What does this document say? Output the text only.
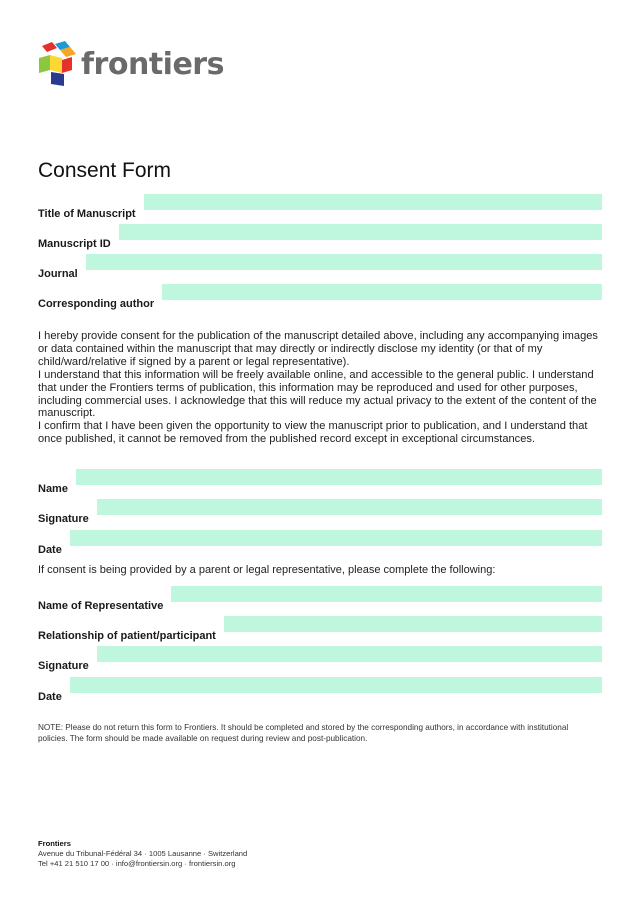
frontiers
Consent Form
Title of Manuscript
Manuscript ID
Journal
Corresponding author

I hereby provide consent for the publication of the manuscript detailed above, including any accompanying images or data contained within the manuscript that may directly or indirectly disclose my identity (or that of my child/ward/relative if signed by a parent or legal representative).

I understand that this information will be freely available online, and accessible to the general public. I understand that under the Frontiers terms of publication, this information may be reproduced and used for other purposes, including commercial uses. I acknowledge that this will reduce my actual privacy to the extent of the content of the manuscript.

I confirm that I have been given the opportunity to view the manuscript prior to publication, and I understand that once published, it cannot be removed from the published record except in exceptional circumstances.

Name
Signature
Date

If consent is being provided by a parent or legal representative, please complete the following:

Name of Representative
Relationship of patient/participant
Signature
Date

NOTE: Please do not return this form to Frontiers. It should be completed and stored by the corresponding authors, in accordance with institutional policies. The form should be made available on request during review and post-publication.

Frontiers
Avenue du Tribunal-Fédéral 34 · 1005 Lausanne · Switzerland
Tel +41 21 510 17 00 · info@frontiersin.org · frontiersin.org
